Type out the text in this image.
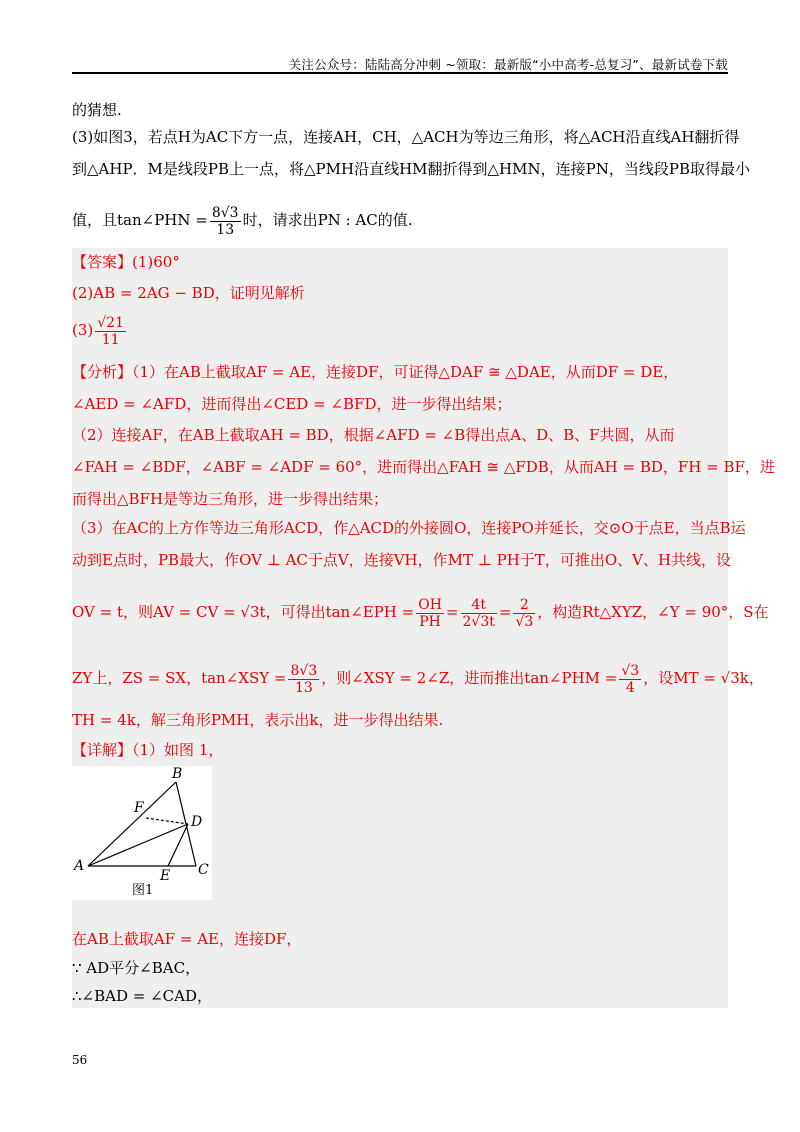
关注公众号：陆陆高分冲刺 ~领取：最新版“小中高考-总复习”、最新试卷下载
的猜想.
(3)如图3，若点H为AC下方一点，连接AH，CH，△ACH为等边三角形，将△ACH沿直线AH翻折得
到△AHP．M是线段PB上一点，将△PMH沿直线HM翻折得到△HMN，连接PN，当线段PB取得最小
值，且tan∠PHN = $\frac{8√3}{13}$ 时，请求出PN : AC的值.
【答案】(1)60°
(2)AB = 2AG − BD，证明见解析
$(3) \frac{√21}{11}$
【分析】（1）在AB上截取AF = AE，连接DF，可证得△DAF ≅ △DAE，从而DF = DE，
∠AED = ∠AFD，进而得出∠CED = ∠BFD，进一步得出结果；
（2）连接AF，在AB上截取AH = BD，根据∠AFD = ∠B得出点A、D、B、F共圆，从而
∠FAH = ∠BDF，∠ABF = ∠ADF = 60°，进而得出△FAH ≅ △FDB，从而AH = BD，FH = BF，进
而得出△BFH是等边三角形，进一步得出结果；
（3）在AC的上方作等边三角形ACD，作△ACD的外接圆O，连接PO并延长，交⊙O于点E，当点B运
动到E点时，PB最大，作OV ⊥ AC于点V，连接VH，作MT ⊥ PH于T，可推出O、V、H共线，设
OV = t，则AV = CV = √3t，可得出tan∠EPH = $\frac{OH}{PH} = \frac{4t}{2√3t} = \frac{2}{√3}$ ，构造Rt△XYZ，∠Y = 90°，S在
ZY上，ZS = SX，tan∠XSY = $\frac{8√3}{13}$ ，则∠XSY = 2∠Z，进而推出tan∠PHM = $\frac{√3}{4}$ ，设MT = √3k，
TH = 4k，解三角形PMH，表示出k，进一步得出结果.
【详解】（1）如图 1，
B
F
D
A
E C
图1
在AB上截取AF = AE，连接DF，
∵ AD平分∠BAC，
∴∠BAD = ∠CAD，
56
